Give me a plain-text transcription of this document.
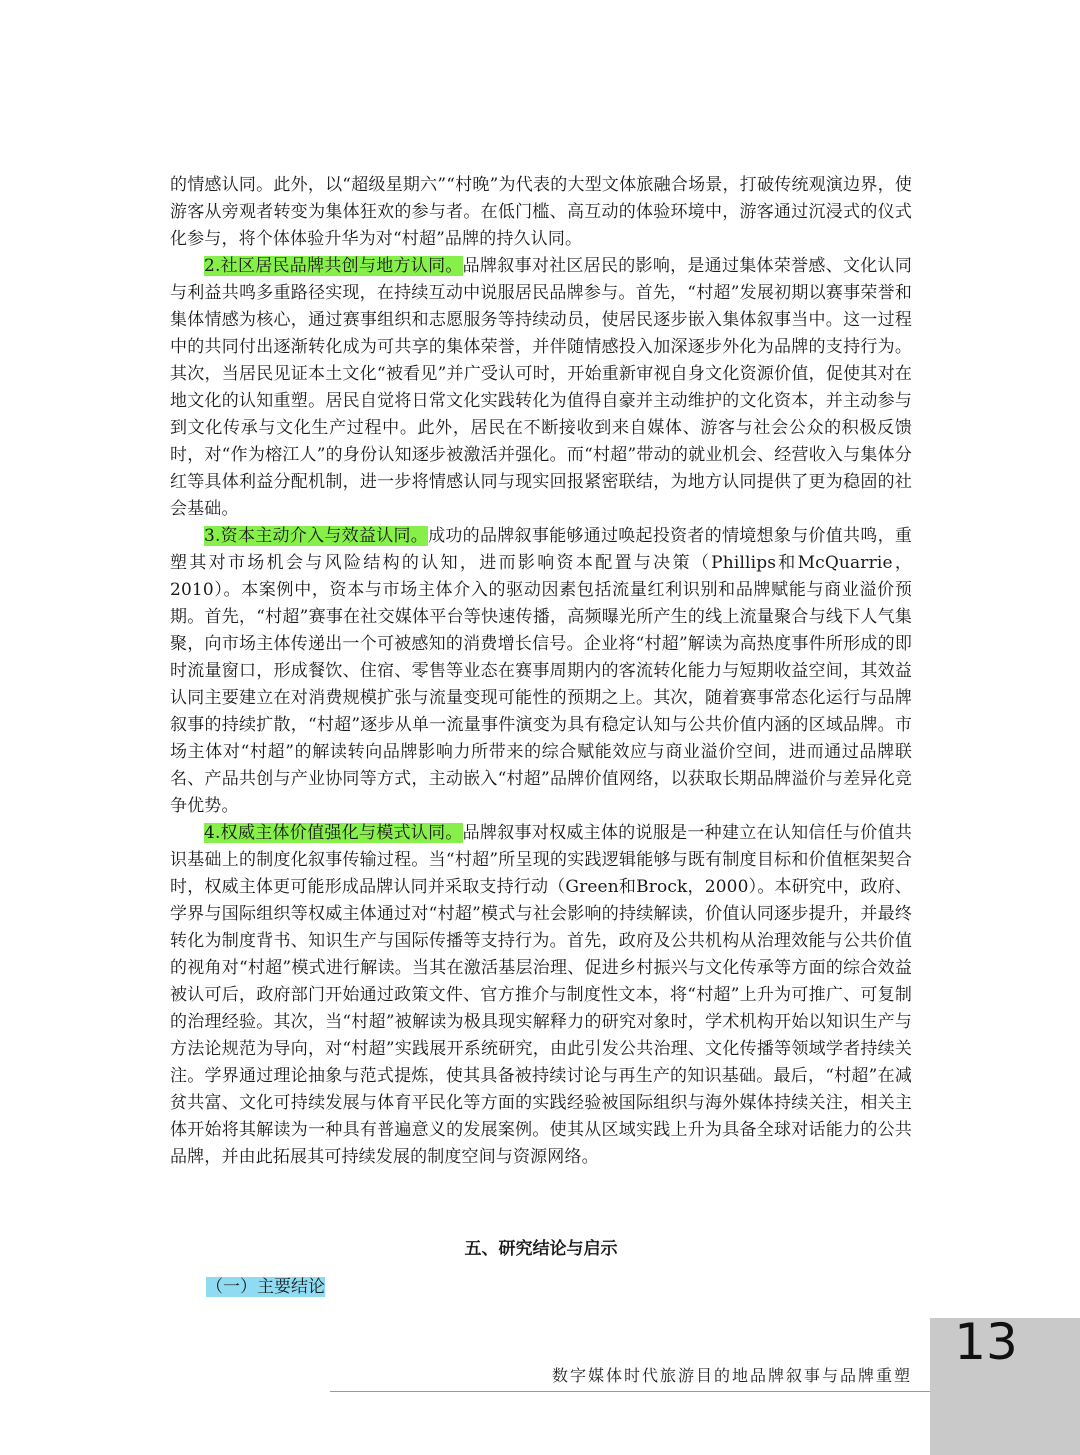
的情感认同。此外，以“超级星期六”“村晚”为代表的大型文体旅融合场景，打破传统观演边界，使游客从旁观者转变为集体狂欢的参与者。在低门槛、高互动的体验环境中，游客通过沉浸式的仪式化参与，将个体体验升华为对“村超”品牌的持久认同。

2.社区居民品牌共创与地方认同。品牌叙事对社区居民的影响，是通过集体荣誉感、文化认同与利益共鸣多重路径实现，在持续互动中说服居民品牌参与。首先，“村超”发展初期以赛事荣誉和集体情感为核心，通过赛事组织和志愿服务等持续动员，使居民逐步嵌入集体叙事当中。这一过程中的共同付出逐渐转化成为可共享的集体荣誉，并伴随情感投入加深逐步外化为品牌的支持行为。其次，当居民见证本土文化“被看见”并广受认可时，开始重新审视自身文化资源价值，促使其对在地文化的认知重塑。居民自觉将日常文化实践转化为值得自豪并主动维护的文化资本，并主动参与到文化传承与文化生产过程中。此外，居民在不断接收到来自媒体、游客与社会公众的积极反馈时，对“作为榕江人”的身份认知逐步被激活并强化。而“村超”带动的就业机会、经营收入与集体分红等具体利益分配机制，进一步将情感认同与现实回报紧密联结，为地方认同提供了更为稳固的社会基础。

3.资本主动介入与效益认同。成功的品牌叙事能够通过唤起投资者的情境想象与价值共鸣，重塑其对市场机会与风险结构的认知，进而影响资本配置与决策（Phillips和McQuarrie，2010）。本案例中，资本与市场主体介入的驱动因素包括流量红利识别和品牌赋能与商业溢价预期。首先，“村超”赛事在社交媒体平台等快速传播，高频曝光所产生的线上流量聚合与线下人气集聚，向市场主体传递出一个可被感知的消费增长信号。企业将“村超”解读为高热度事件所形成的即时流量窗口，形成餐饮、住宿、零售等业态在赛事周期内的客流转化能力与短期收益空间，其效益认同主要建立在对消费规模扩张与流量变现可能性的预期之上。其次，随着赛事常态化运行与品牌叙事的持续扩散，“村超”逐步从单一流量事件演变为具有稳定认知与公共价值内涵的区域品牌。市场主体对“村超”的解读转向品牌影响力所带来的综合赋能效应与商业溢价空间，进而通过品牌联名、产品共创与产业协同等方式，主动嵌入“村超”品牌价值网络，以获取长期品牌溢价与差异化竞争优势。

4.权威主体价值强化与模式认同。品牌叙事对权威主体的说服是一种建立在认知信任与价值共识基础上的制度化叙事传输过程。当“村超”所呈现的实践逻辑能够与既有制度目标和价值框架契合时，权威主体更可能形成品牌认同并采取支持行动（Green和Brock，2000）。本研究中，政府、学界与国际组织等权威主体通过对“村超”模式与社会影响的持续解读，价值认同逐步提升，并最终转化为制度背书、知识生产与国际传播等支持行为。首先，政府及公共机构从治理效能与公共价值的视角对“村超”模式进行解读。当其在激活基层治理、促进乡村振兴与文化传承等方面的综合效益被认可后，政府部门开始通过政策文件、官方推介与制度性文本，将“村超”上升为可推广、可复制的治理经验。其次，当“村超”被解读为极具现实解释力的研究对象时，学术机构开始以知识生产与方法论规范为导向，对“村超”实践展开系统研究，由此引发公共治理、文化传播等领域学者持续关注。学界通过理论抽象与范式提炼，使其具备被持续讨论与再生产的知识基础。最后，“村超”在减贫共富、文化可持续发展与体育平民化等方面的实践经验被国际组织与海外媒体持续关注，相关主体开始将其解读为一种具有普遍意义的发展案例。使其从区域实践上升为具备全球对话能力的公共品牌，并由此拓展其可持续发展的制度空间与资源网络。

五、研究结论与启示
（一）主要结论
13
数字媒体时代旅游目的地品牌叙事与品牌重塑
